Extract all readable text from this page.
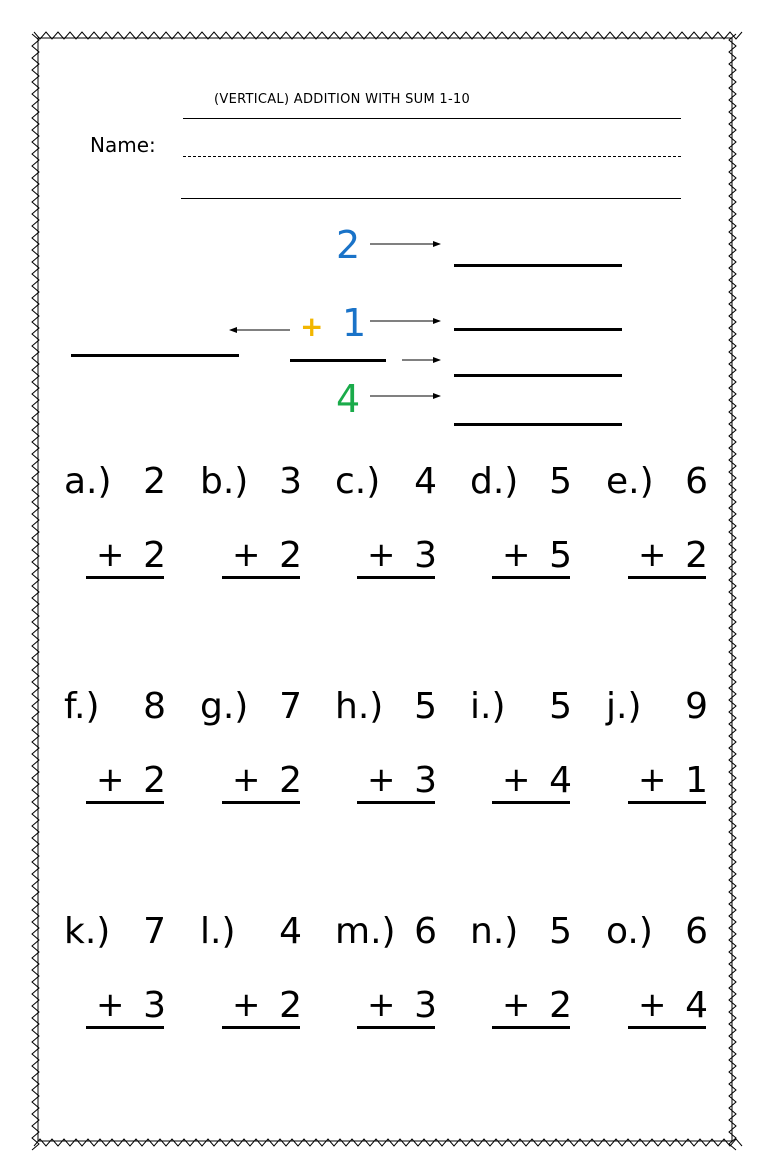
(VERTICAL) ADDITION WITH SUM 1-10
Name:
2
+ 1
4
a.) 2
+ 2
b.) 3
+ 2
c.) 4
+ 3
d.) 5
+ 5
e.) 6
+ 2
f.)	8
+ 2
g.) 7
+ 2
h.) 5
+ 3
i.)	5
+ 4
j.)	9
+ 1
k.) 7
+ 3
l.)	4
+ 2
m.) 6
+ 3
n.) 5
+ 2
o.) 6
+ 4
